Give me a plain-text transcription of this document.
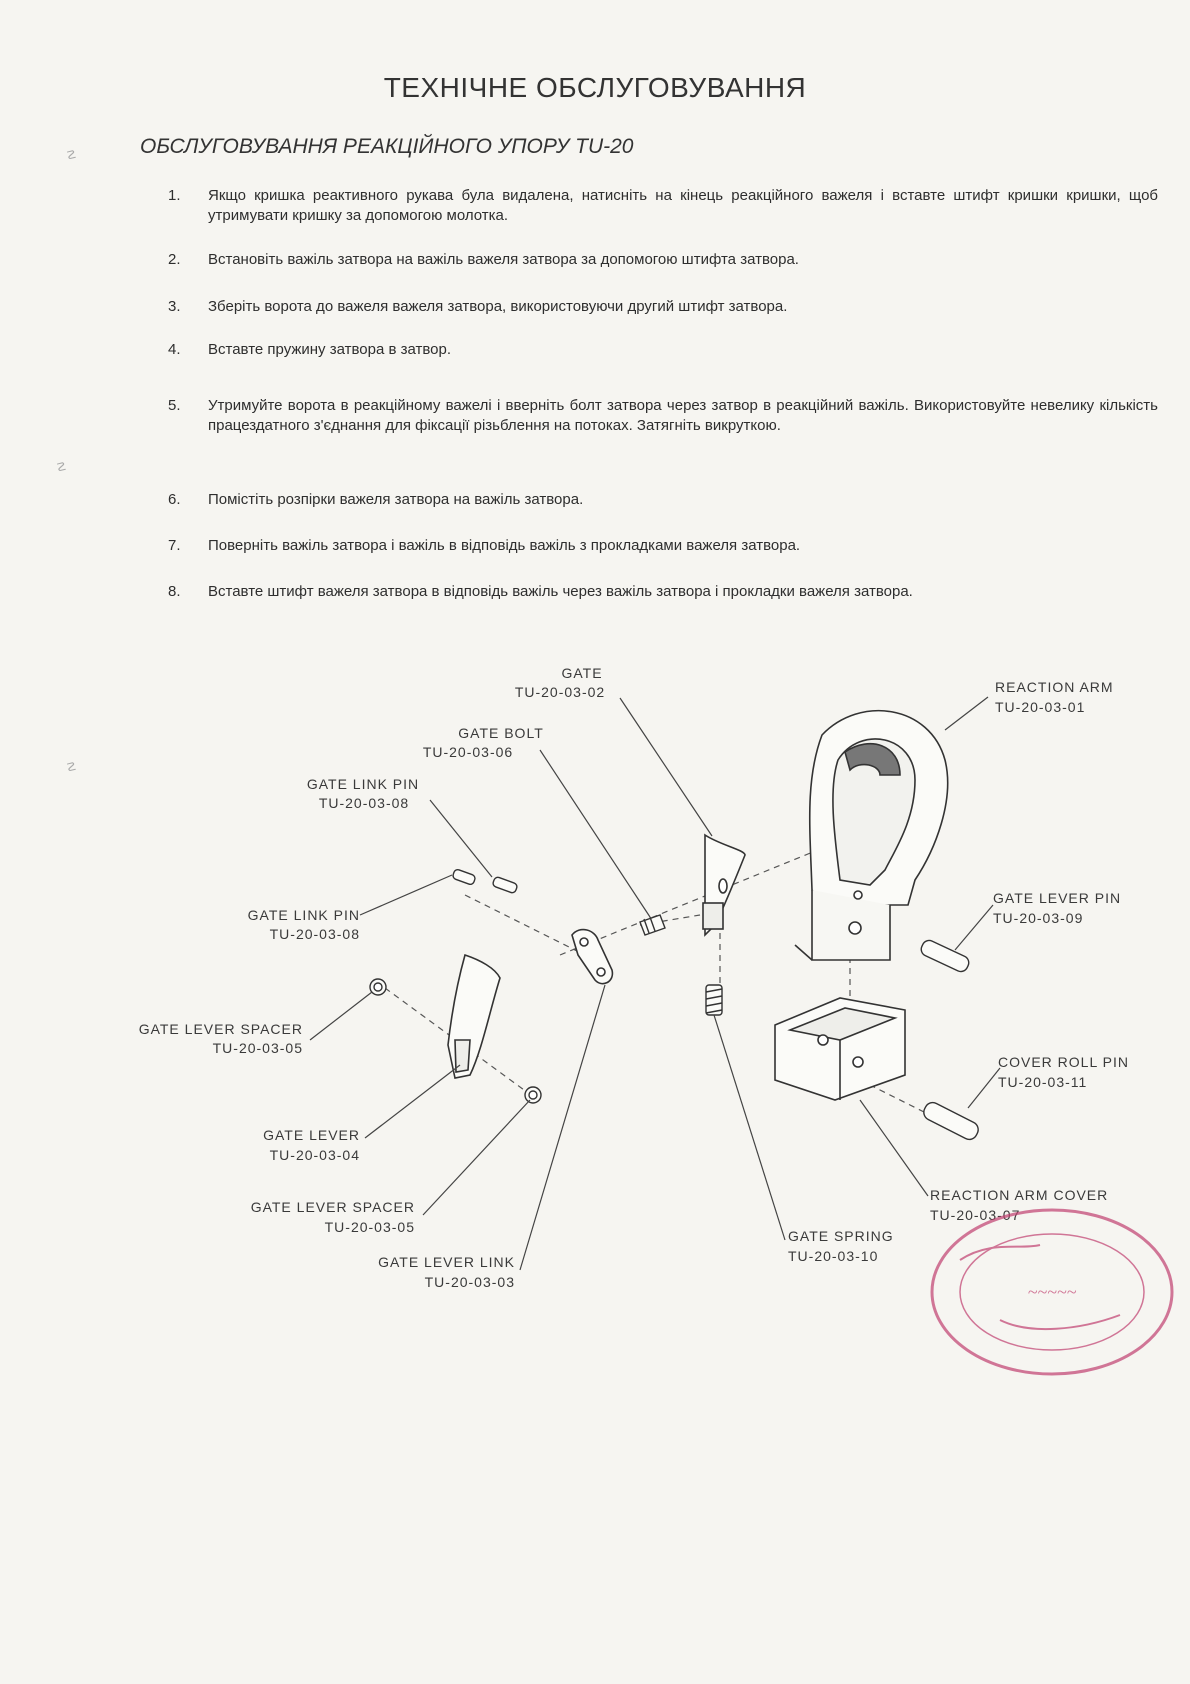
ТЕХНІЧНЕ ОБСЛУГОВУВАННЯ
ОБСЛУГОВУВАННЯ РЕАКЦІЙНОГО УПОРУ TU-20
☡
☡
☡
1.	Якщо кришка реактивного рукава була видалена, натисніть на кінець реакційного важеля і вставте штифт кришки кришки, щоб утримувати кришку за допомогою молотка.
2.	Встановіть важіль затвора на важіль важеля затвора за допомогою штифта затвора.
3.	Зберіть ворота до важеля важеля затвора, використовуючи другий штифт затвора.
4.	Вставте пружину затвора в затвор.
5.	Утримуйте ворота в реакційному важелі і вверніть болт затвора через затвор в реакційний важіль. Використовуйте невелику кількість працездатного з'єднання для фіксації різьблення на потоках. Затягніть викруткою.
6.	Помістіть розпірки важеля затвора на важіль затвора.
7.	Поверніть важіль затвора і важіль в відповідь важіль з прокладками важеля затвора.
8.	Вставте штифт важеля затвора в відповідь важіль через важіль затвора і прокладки важеля затвора.
GATE
TU-20-03-02
GATE BOLT
TU-20-03-06
GATE LINK PIN
TU-20-03-08
GATE LINK PIN
TU-20-03-08
GATE LEVER SPACER
TU-20-03-05
GATE LEVER
TU-20-03-04
GATE LEVER SPACER
TU-20-03-05
GATE LEVER LINK
TU-20-03-03
GATE SPRING
TU-20-03-10
REACTION ARM
TU-20-03-01
GATE LEVER PIN
TU-20-03-09
COVER ROLL PIN
TU-20-03-11
REACTION ARM COVER
TU-20-03-07
~~~~~
